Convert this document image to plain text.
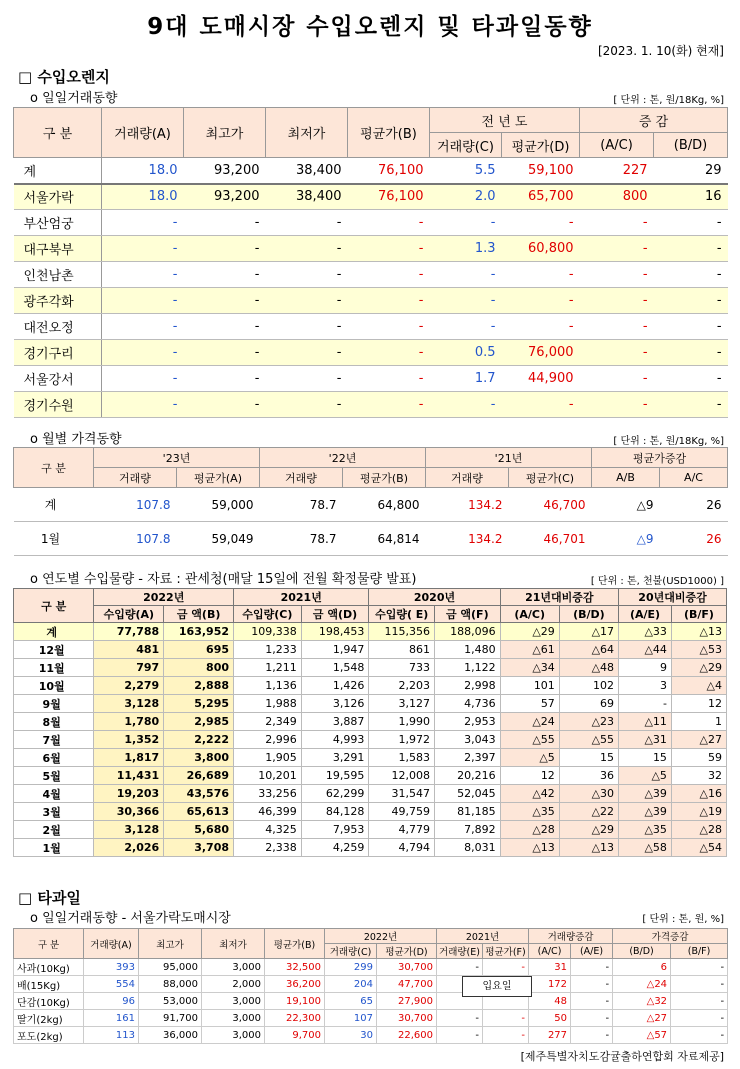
9대 도매시장 수입오렌지 및 타과일동향
[2023. 1. 10(화) 현재]
□ 수입오렌지
o 일일거래동향	[ 단위 : 톤, 원/18Kg, %]
구 분	거래량(A)	최고가	최저가	평균가(B)	전 년 도		증 감	
					거래량(C)	평균가(D)	(A/C)	(B/D)
계	18.0	93,200	38,400	76,100	5.5	59,100	227	29
서울가락	18.0	93,200	38,400	76,100	2.0	65,700	800	16
부산엄궁	-	-	-	-	-	-	-	-
대구북부	-	-	-	-	1.3	60,800	-	-
인천남촌	-	-	-	-	-	-	-	-
광주각화	-	-	-	-	-	-	-	-
대전오정	-	-	-	-	-	-	-	-
경기구리	-	-	-	-	0.5	76,000	-	-
서울강서	-	-	-	-	1.7	44,900	-	-
경기수원	-	-	-	-	-	-	-	-
o 월별 가격동향	[ 단위 : 톤, 원/18Kg, %]
구 분	'23년		'22년		'21년		평균가증감	
	거래량	평균가(A)	거래량	평균가(B)	거래량	평균가(C)	A/B	A/C
계	107.8	59,000	78.7	64,800	134.2	46,700	△9	26
1월	107.8	59,049	78.7	64,814	134.2	46,701	△9	26
o 연도별 수입물량 - 자료 : 관세청(매달 15일에 전월 확정물량 발표)	[ 단위 : 톤, 천불(USD1000) ]
구 분	2022년		2021년		2020년		21년대비증감		20년대비증감	
	수입량(A)	금 액(B)	수입량(C)	금 액(D)	수입량( E)	금 액(F)	(A/C)	(B/D)	(A/E)	(B/F)
계	77,788	163,952	109,338	198,453	115,356	188,096	△29	△17	△33	△13
12월	481	695	1,233	1,947	861	1,480	△61	△64	△44	△53
11월	797	800	1,211	1,548	733	1,122	△34	△48	9	△29
10월	2,279	2,888	1,136	1,426	2,203	2,998	101	102	3	△4
9월	3,128	5,295	1,988	3,126	3,127	4,736	57	69	-	12
8월	1,780	2,985	2,349	3,887	1,990	2,953	△24	△23	△11	1
7월	1,352	2,222	2,996	4,993	1,972	3,043	△55	△55	△31	△27
6월	1,817	3,800	1,905	3,291	1,583	2,397	△5	15	15	59
5월	11,431	26,689	10,201	19,595	12,008	20,216	12	36	△5	32
4월	19,203	43,576	33,256	62,299	31,547	52,045	△42	△30	△39	△16
3월	30,366	65,613	46,399	84,128	49,759	81,185	△35	△22	△39	△19
2월	3,128	5,680	4,325	7,953	4,779	7,892	△28	△29	△35	△28
1월	2,026	3,708	2,338	4,259	4,794	8,031	△13	△13	△58	△54
□ 타과일
o 일일거래동향 - 서울가락도매시장	[ 단위 : 톤, 원, %]
구 분	거래량(A)	최고가	최저가	평균가(B)	2022년		2021년		거래량증감		가격증감	
					거래량(C)	평균가(D)	거래량(E)	평균가(F)	(A/C)	(A/E)	(B/D)	(B/F)
사과(10Kg)	393	95,000	3,000	32,500	299	30,700	-	-	31	-	6	-
배(15Kg)	554	88,000	2,000	36,200	204	47,700			172	-	△24	-
단감(10Kg)	96	53,000	3,000	19,100	65	27,900			48	-	△32	-
딸기(2kg)	161	91,700	3,000	22,300	107	30,700	-	-	50	-	△27	-
포도(2kg)	113	36,000	3,000	9,700	30	22,600	-	-	277	-	△57	-
입요일
[제주특별자치도감귤출하연합회 자료제공]
